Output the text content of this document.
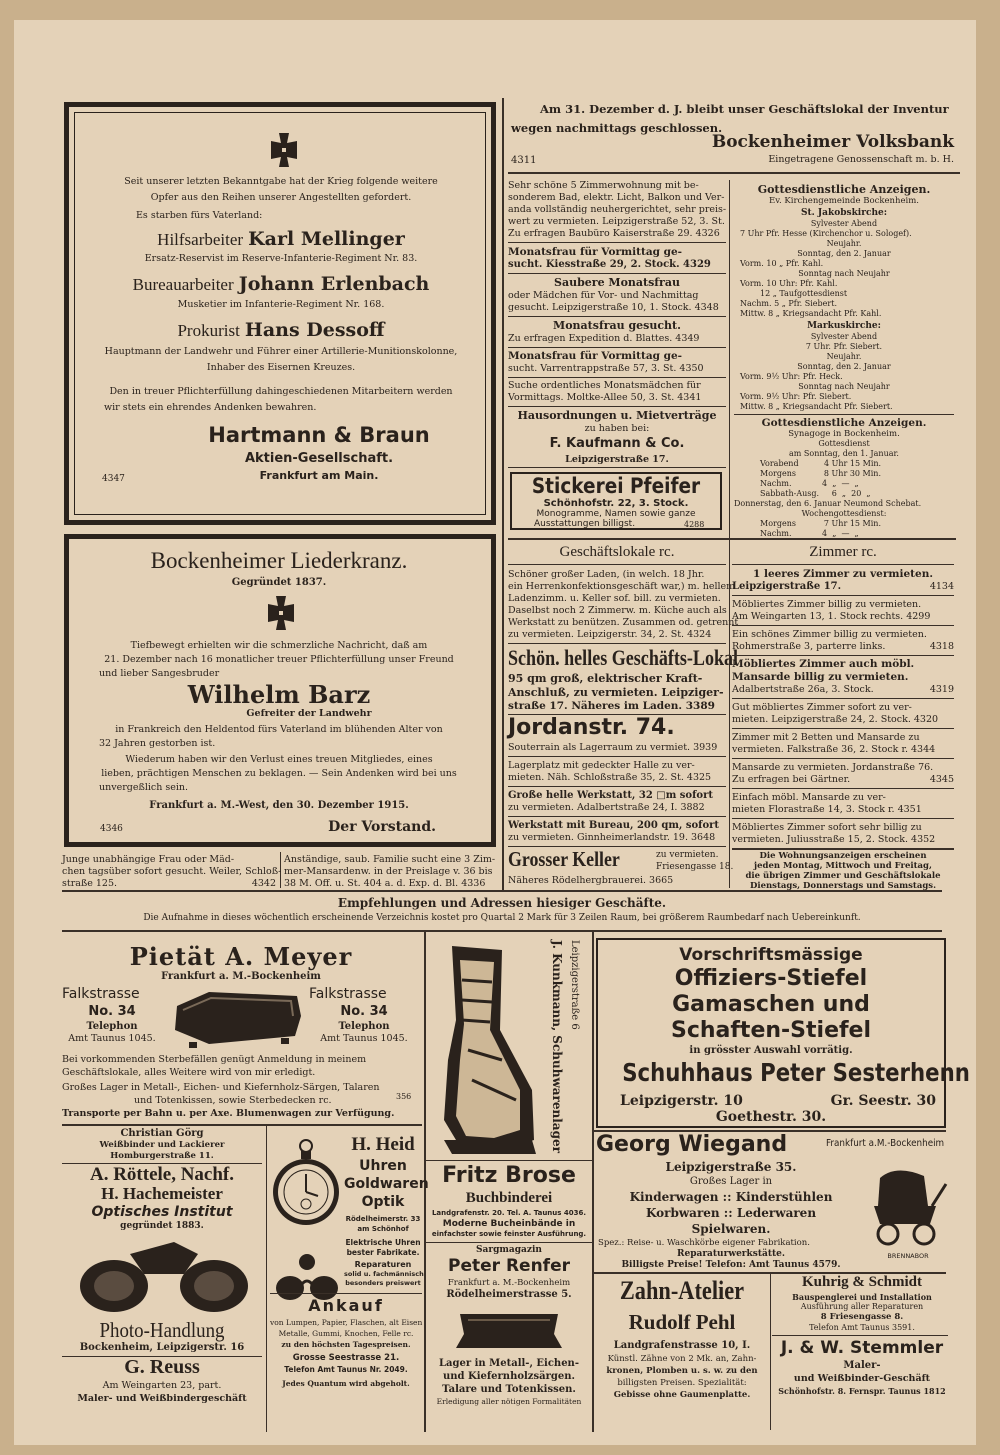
Seit unserer letzten Bekanntgabe hat der Krieg folgende weitere
Opfer aus den Reihen unserer Angestellten gefordert.
Es starben fürs Vaterland:
Hilfsarbeiter Karl Mellinger
Ersatz-Reservist im Reserve-Infanterie-Regiment Nr. 83.
Bureauarbeiter Johann Erlenbach
Musketier im Infanterie-Regiment Nr. 168.
Prokurist Hans Dessoff
Hauptmann der Landwehr und Führer einer Artillerie-Munitionskolonne,
Inhaber des Eisernen Kreuzes.
Den in treuer Pflichterfüllung dahingeschiedenen Mitarbeitern werden
wir stets ein ehrendes Andenken bewahren.
Hartmann & Braun
Aktien-Gesellschaft.
Frankfurt am Main.
4347
Bockenheimer Liederkranz.
Gegründet 1837.
Tiefbewegt erhielten wir die schmerzliche Nachricht, daß am
21. Dezember nach 16 monatlicher treuer Pflichterfüllung unser Freund
und lieber Sangesbruder
Wilhelm Barz
Gefreiter der Landwehr
in Frankreich den Heldentod fürs Vaterland im blühenden Alter von
32 Jahren gestorben ist.
Wiederum haben wir den Verlust eines treuen Mitgliedes, eines
lieben, prächtigen Menschen zu beklagen. — Sein Andenken wird bei uns
unvergeßlich sein.
Frankfurt a. M.-West, den 30. Dezember 1915.
4346	Der Vorstand.
Junge unabhängige Frau oder Mäd-
chen tagsüber sofort gesucht. Weiler, Schloß-
straße 125.	4342
Anständige, saub. Familie sucht eine 3 Zim-
mer-Mansardenw. in der Preislage v. 36 bis
38 M. Off. u. St. 404 a. d. Exp. d. Bl. 4336
Am 31. Dezember d. J. bleibt unser Geschäftslokal der Inventur
wegen nachmittags geschlossen.
4311
Bockenheimer Volksbank
Eingetragene Genossenschaft m. b. H.
Sehr schöne 5 Zimmerwohnung mit be-
sonderem Bad, elektr. Licht, Balkon und Ver-
anda vollständig neuhergerichtet, sehr preis-
wert zu vermieten. Leipzigerstraße 52, 3. St.
Zu erfragen Baubüro Kaiserstraße 29. 4326
Monatsfrau für Vormittag ge-
sucht. Kiesstraße 29, 2. Stock. 4329
Saubere Monatsfrau
oder Mädchen für Vor- und Nachmittag
gesucht. Leipzigerstraße 10, 1. Stock. 4348
Monatsfrau gesucht.
Zu erfragen Expedition d. Blattes. 4349
Monatsfrau für Vormittag ge-
sucht. Varrentrappstraße 57, 3. St. 4350
Suche ordentliches Monatsmädchen für
Vormittags. Moltke-Allee 50, 3. St. 4341
Hausordnungen u. Mietverträge
zu haben bei:
F. Kaufmann & Co.
Leipzigerstraße 17.
Stickerei Pfeifer
Schönhofstr. 22, 3. Stock.
Monogramme, Namen sowie ganze
Ausstattungen billigst.	4288
Gottesdienstliche Anzeigen.
Ev. Kirchengemeinde Bockenheim.
St. Jakobskirche:
Sylvester Abend
7 Uhr Pfr. Hesse (Kirchenchor u. Sologef).
Neujahr.
Sonntag, den 2. Januar
Vorm. 10 „ Pfr. Kahl.
Sonntag nach Neujahr
Vorm. 10 Uhr: Pfr. Kahl.
12 „ Taufgottesdienst
Nachm. 5 „ Pfr. Siebert.
Mittw. 8 „ Kriegsandacht Pfr. Kahl.
Markuskirche:
Sylvester Abend
7 Uhr. Pfr. Siebert.
Neujahr.
Sonntag, den 2. Januar
Vorm. 9½ Uhr: Pfr. Heck.
Sonntag nach Neujahr
Vorm. 9½ Uhr: Pfr. Siebert.
Mittw. 8 „ Kriegsandacht Pfr. Siebert.
Gottesdienstliche Anzeigen.
Synagoge in Bockenheim.
Gottesdienst
am Sonntag, den 1. Januar.
Vorabend          4 Uhr 15 Min.
Morgens           8 Uhr 30 Min.
Nachm.            4  „  —  „
Sabbath-Ausg.     6  „  20  „
Donnerstag, den 6. Januar Neumond Schebat.
Wochengottesdienst:
Morgens           7 Uhr 15 Min.
Nachm.            4  „  —  „
Geschäftslokale rc.
Schöner großer Laden, (in welch. 18 Jhr.
ein Herrenkonfektionsgeschäft war,) m. hellem
Ladenzimm. u. Keller sof. bill. zu vermieten.
Daselbst noch 2 Zimmerw. m. Küche auch als
Werkstatt zu benützen. Zusammen od. getrennt
zu vermieten. Leipzigerstr. 34, 2. St. 4324
Schön. helles Geschäfts-Lokal
95 qm groß, elektrischer Kraft-
Anschluß, zu vermieten. Leipziger-
straße 17. Näheres im Laden. 3389
Jordanstr. 74.
Souterrain als Lagerraum zu vermiet. 3939
Lagerplatz mit gedeckter Halle zu ver-
mieten. Näh. Schloßstraße 35, 2. St. 4325
Große helle Werkstatt, 32 □m sofort
zu vermieten. Adalbertstraße 24, I. 3882
Werkstatt mit Bureau, 200 qm, sofort
zu vermieten. Ginnheimerlandstr. 19. 3648
Grosser Keller	zu vermieten.
Friesengasse 18.
Näheres Rödelhergbrauerei. 3665
Zimmer rc.
1 leeres Zimmer zu vermieten.
Leipzigerstraße 17.	4134
Möbliertes Zimmer billig zu vermieten.
Am Weingarten 13, 1. Stock rechts. 4299
Ein schönes Zimmer billig zu vermieten.
Rohmerstraße 3, parterre links.	4318
Möbliertes Zimmer auch möbl.
Mansarde billig zu vermieten.
Adalbertstraße 26a, 3. Stock.	4319
Gut möbliertes Zimmer sofort zu ver-
mieten. Leipzigerstraße 24, 2. Stock. 4320
Zimmer mit 2 Betten und Mansarde zu
vermieten. Falkstraße 36, 2. Stock r. 4344
Mansarde zu vermieten. Jordanstraße 76.
Zu erfragen bei Gärtner.	4345
Einfach möbl. Mansarde zu ver-
mieten Florastraße 14, 3. Stock r. 4351
Möbliertes Zimmer sofort sehr billig zu
vermieten. Juliusstraße 15, 2. Stock. 4352
Die Wohnungsanzeigen erscheinen
jeden Montag, Mittwoch und Freitag,
die übrigen Zimmer und Geschäftslokale
Dienstags, Donnerstags und Samstags.
Empfehlungen und Adressen hiesiger Geschäfte.
Die Aufnahme in dieses wöchentlich erscheinende Verzeichnis kostet pro Quartal 2 Mark für 3 Zeilen Raum, bei größerem Raumbedarf nach Uebereinkunft.
Pietät A. Meyer
Frankfurt a. M.-Bockenheim
Falkstrasse
No. 34
Telephon
Amt Taunus 1045.
Falkstrasse
No. 34
Telephon
Amt Taunus 1045.
Bei vorkommenden Sterbefällen genügt Anmeldung in meinem
Geschäftslokale, alles Weitere wird von mir erledigt.
Großes Lager in Metall-, Eichen- und Kiefernholz-Särgen, Talaren
und Totenkissen, sowie Sterbedecken rc.	356
Transporte per Bahn u. per Axe. Blumenwagen zur Verfügung.	J. Kunkmann, Schuhwarenlager Leipzigerstraße 6	Vorschriftsmässige
Offiziers-Stiefel
Gamaschen und
Schaften-Stiefel
in grösster Auswahl vorrätig.
Schuhhaus Peter Sesterhenn
Leipzigerstr. 10	Gr. Seestr. 30
Goethestr. 30.
Christian Görg
Weißbinder und Lackierer
Homburgerstraße 11.
A. Röttele, Nachf.
H. Hachemeister
Optisches Institut
gegründet 1883.
Photo-Handlung
Bockenheim, Leipzigerstr. 16
G. Reuss
Am Weingarten 23, part.
Maler- und Weißbindergeschäft
H. Heid
Uhren
Goldwaren
Optik
Rödelheimerstr. 33
am Schönhof
Elektrische Uhren
bester Fabrikate.
Reparaturen
solid u. fachmännisch
besonders preiswert
Ankauf
von Lumpen, Papier, Flaschen, alt Eisen
Metalle, Gummi, Knochen, Felle rc.
zu den höchsten Tagespreisen.
Grosse Seestrasse 21.
Telefon Amt Taunus Nr. 2049.
Jedes Quantum wird abgeholt.
Fritz Brose
Buchbinderei
Landgrafenstr. 20. Tel. A. Taunus 4036.
Moderne Bucheinbände in
einfachster sowie feinster Ausführung.
Sargmagazin
Peter Renfer
Frankfurt a. M.-Bockenheim
Rödelheimerstrasse 5.
Lager in Metall-, Eichen-
und Kiefernholzsärgen.
Talare und Totenkissen.
Erledigung aller nötigen Formalitäten
Georg Wiegand	Frankfurt a.M.-Bockenheim
Leipzigerstraße 35.
Großes Lager in
Kinderwagen :: Kinderstühlen
Korbwaren :: Lederwaren
Spielwaren.
Spez.: Reise- u. Waschkörbe eigener Fabrikation.
Reparaturwerkstätte.
Billigste Preise! Telefon: Amt Taunus 4579.
BRENNABOR
Zahn-Atelier
Rudolf Pehl
Landgrafenstrasse 10, I.
Künstl. Zähne von 2 Mk. an, Zahn-
kronen, Plomben u. s. w. zu den
billigsten Preisen. Spezialität:
Gebisse ohne Gaumenplatte.
Kuhrig & Schmidt
Bauspenglerei und Installation
Ausführung aller Reparaturen
8 Friesengasse 8.
Telefon Amt Taunus 3591.
J. & W. Stemmler
Maler-
und Weißbinder-Geschäft
Schönhofstr. 8. Fernspr. Taunus 1812
